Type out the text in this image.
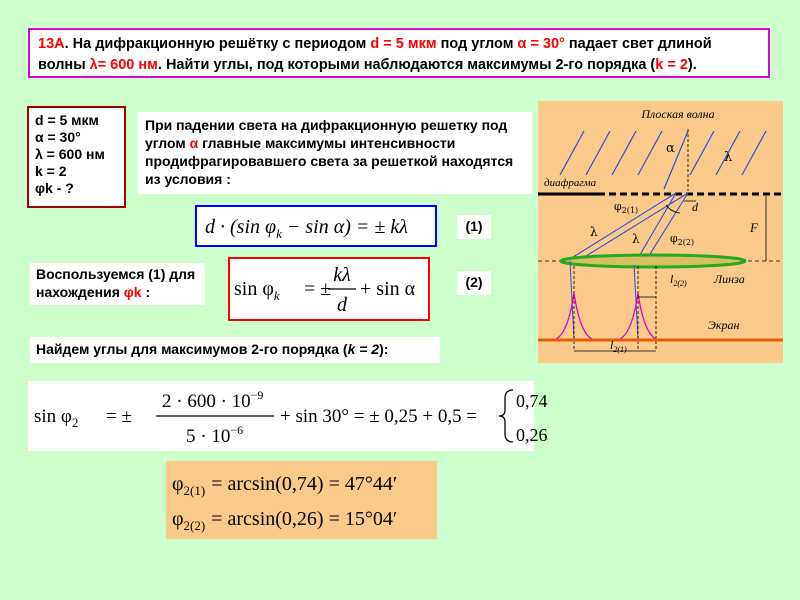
13А. На дифракционную решётку с периодом d = 5 мкм под углом α = 30° падает свет длиной волны λ= 600 нм. Найти углы, под которыми наблюдаются максимумы 2-го порядка (k = 2).
d = 5 мкм
α = 30°
λ = 600 нм
k = 2
φk - ?
При падении света на дифракционную решетку под углом α главные максимумы интенсивности продифрагировавшего света за решеткой находятся из условия :
d · (sin $\varphi_k - \sin \alpha$) = ± kλ	(1)
Воспользуемся (1) для нахождения φk :	$\sin \varphi_k$ = ±
kλ
d
+ sin α	(2)
Найдем углы для максимумов 2-го порядка (k = 2):
$\sin \varphi_2$ = ±
$2 \cdot 600 \cdot 10^{-9}$
$5 \cdot 10^{-6}$
+ sin 30° = ± 0,25 + 0,5 =
0,74
0,26
$\varphi_{2(1)} = \arcsin(0,74) = 47^\circ 44'$
$\varphi_{2(2)} = \arcsin(0,26) = 15^\circ 04'$
Плоская волна
α
λ
диафрагма
d
$\varphi_{2(1)}$
$\varphi_{2(2)}$
λ	λ
F
Линза
$l_{2(2)}$
Экран
$l_{2(1)}$
